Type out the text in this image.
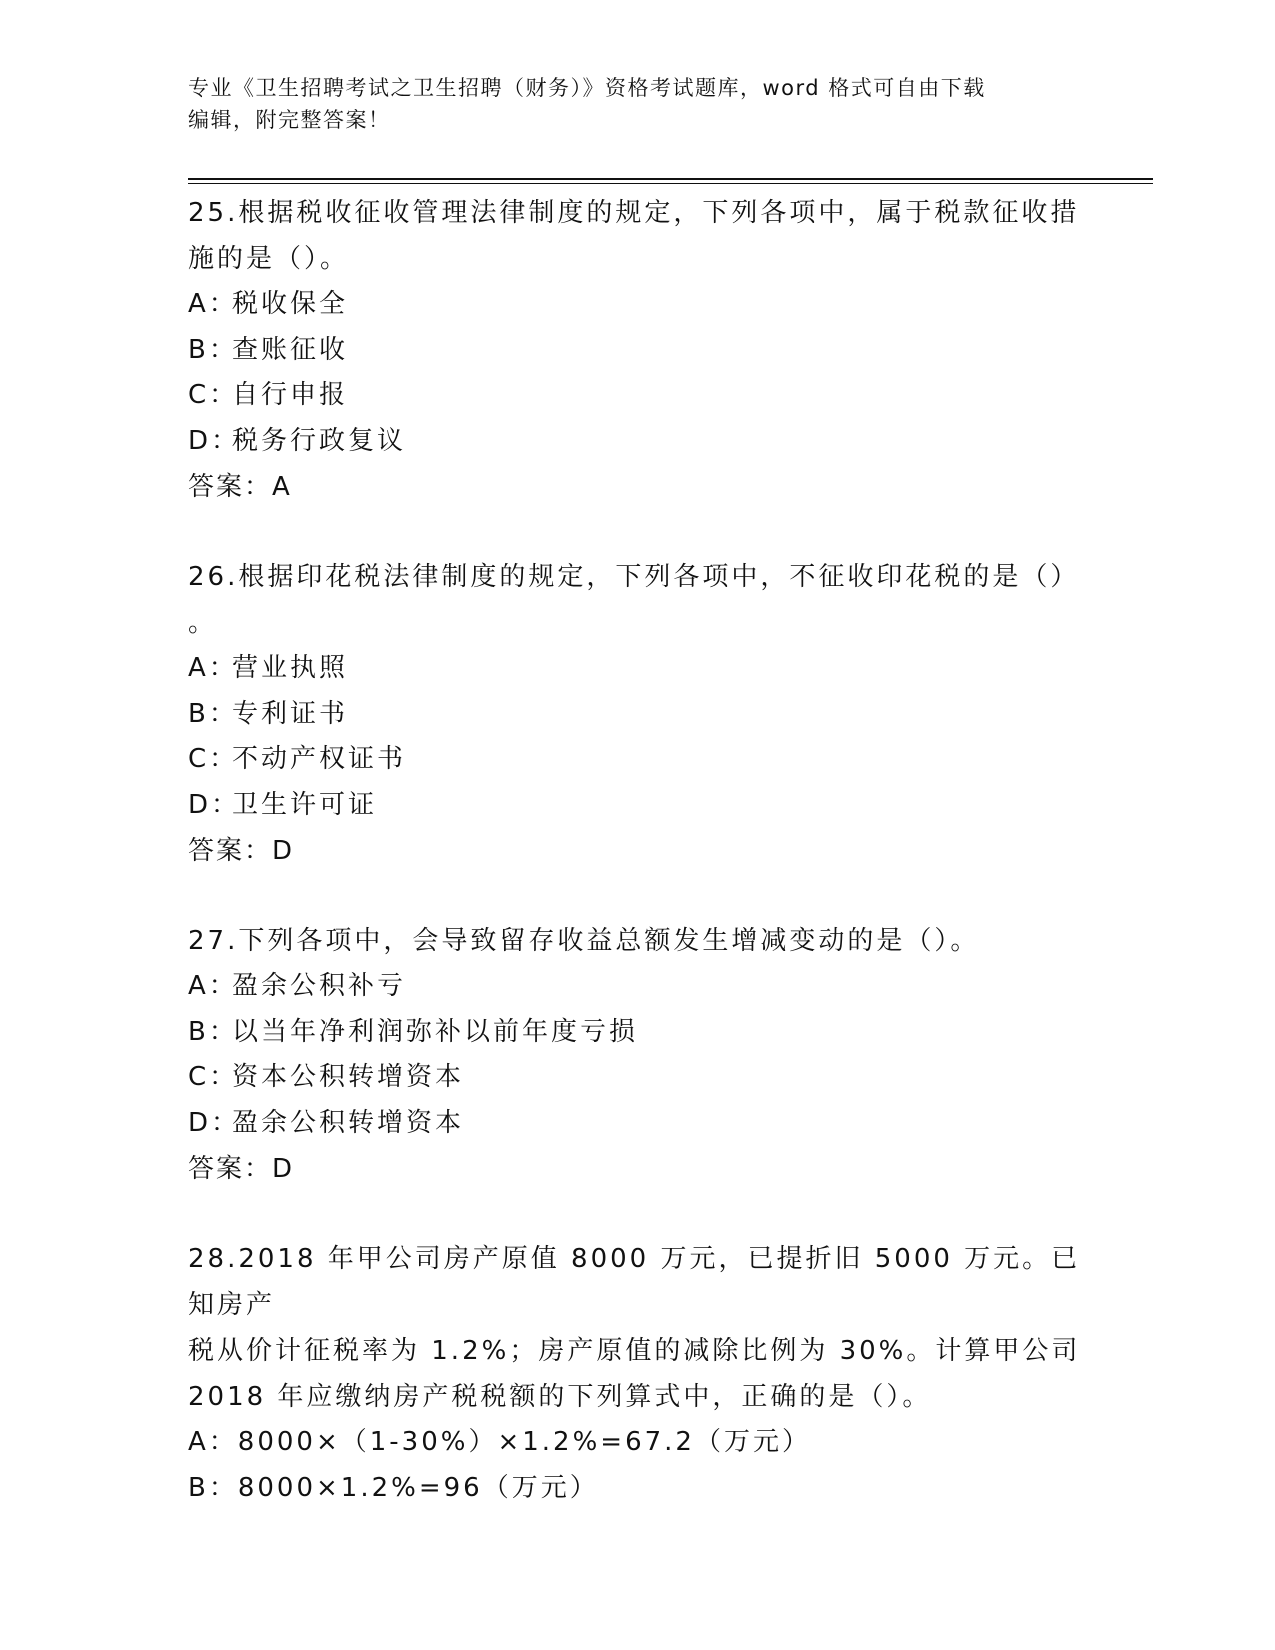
专业《卫生招聘考试之卫生招聘（财务）》资格考试题库，word 格式可自由下载
编辑，附完整答案！

25.根据税收征收管理法律制度的规定，下列各项中，属于税款征收措

施的是（）。

A：税收保全

B：查账征收

C：自行申报

D：税务行政复议

答案：A

26.根据印花税法律制度的规定，下列各项中，不征收印花税的是（）

。

A：营业执照

B：专利证书

C：不动产权证书

D：卫生许可证

答案：D

27.下列各项中，会导致留存收益总额发生增减变动的是（）。

A：盈余公积补亏

B：以当年净利润弥补以前年度亏损

C：资本公积转增资本

D：盈余公积转增资本

答案：D

28.2018 年甲公司房产原值 8000 万元，已提折旧 5000 万元。已知房产

税从价计征税率为 1.2%；房产原值的减除比例为 30%。计算甲公司

2018 年应缴纳房产税税额的下列算式中，正确的是（）。

A：8000×（1-30%）×1.2%=67.2（万元）

B：8000×1.2%=96（万元）
